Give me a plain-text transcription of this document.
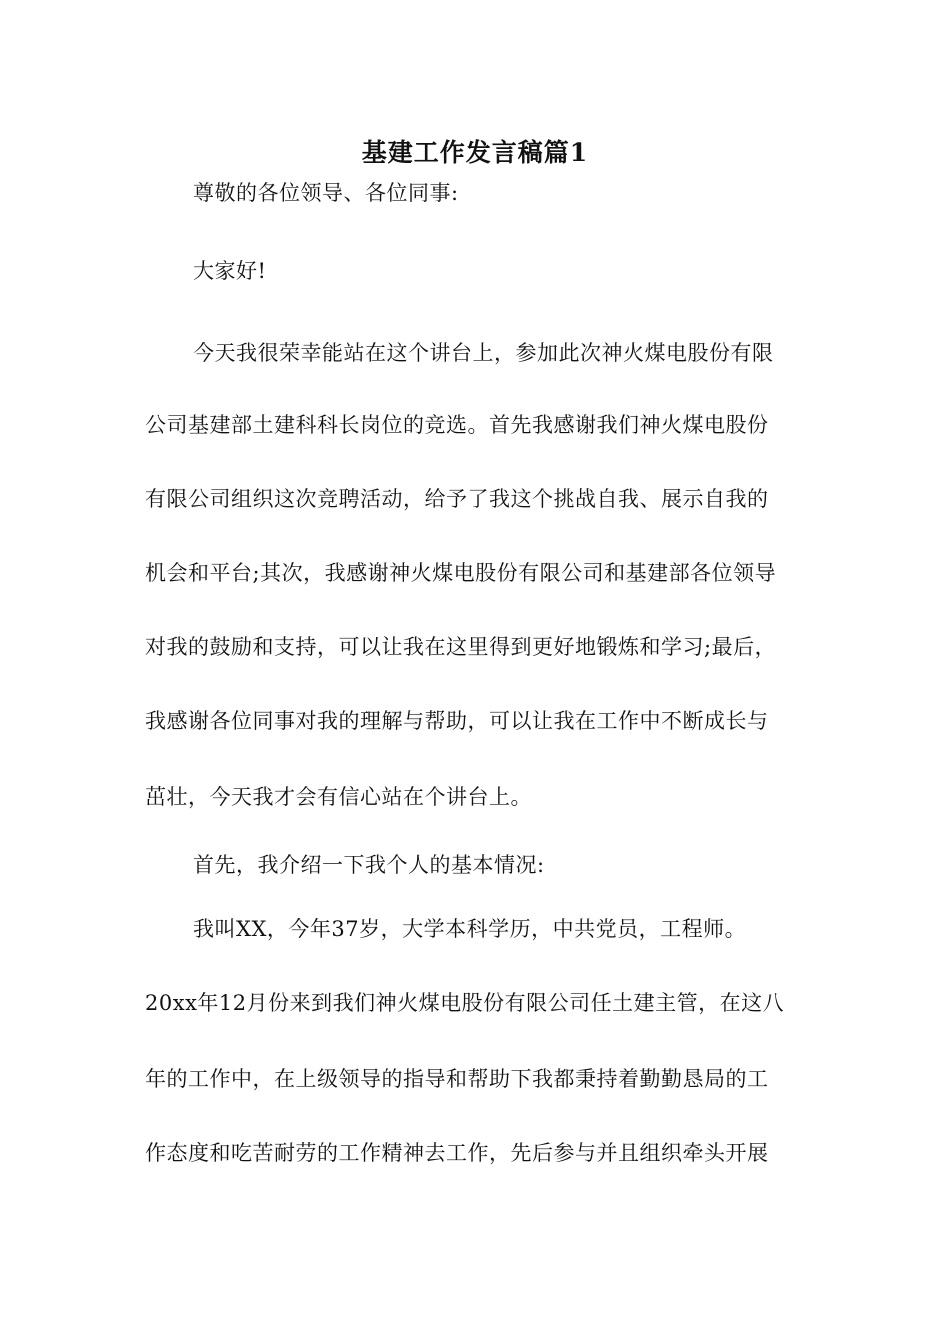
基建工作发言稿篇1
尊敬的各位领导、各位同事:
大家好!
今天我很荣幸能站在这个讲台上，参加此次神火煤电股份有限
公司基建部土建科科长岗位的竞选。首先我感谢我们神火煤电股份
有限公司组织这次竞聘活动，给予了我这个挑战自我、展示自我的
机会和平台;其次，我感谢神火煤电股份有限公司和基建部各位领导
对我的鼓励和支持，可以让我在这里得到更好地锻炼和学习;最后，
我感谢各位同事对我的理解与帮助，可以让我在工作中不断成长与
茁壮，今天我才会有信心站在个讲台上。
首先，我介绍一下我个人的基本情况:
我叫XX，今年37岁，大学本科学历，中共党员，工程师。
20xx年12月份来到我们神火煤电股份有限公司任土建主管，在这八
年的工作中，在上级领导的指导和帮助下我都秉持着勤勤恳局的工
作态度和吃苦耐劳的工作精神去工作，先后参与并且组织牵头开展
